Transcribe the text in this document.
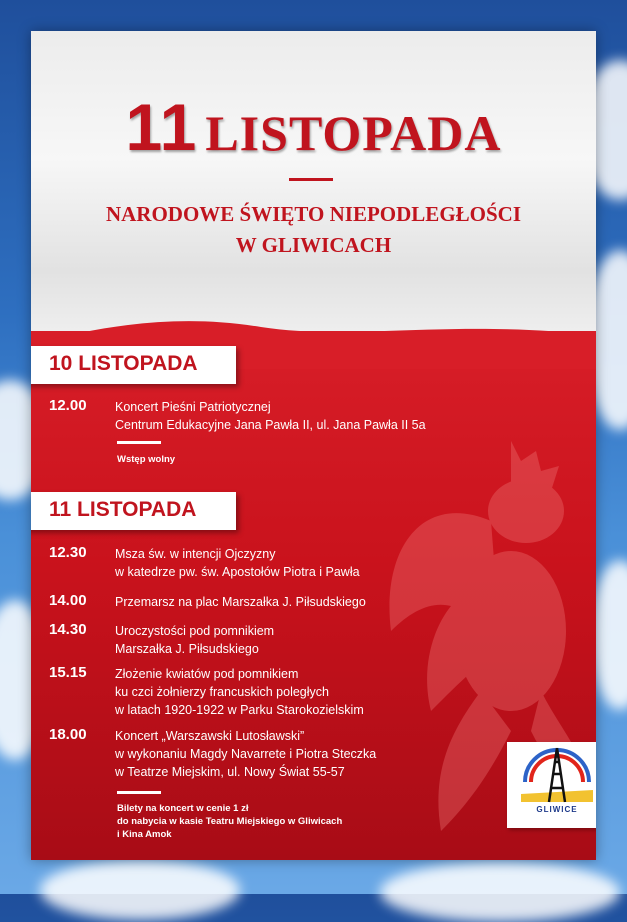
11 LISTOPADA
NARODOWE ŚWIĘTO NIEPODLEGŁOŚCI
W GLIWICACH
10 LISTOPADA
12.00 Koncert Pieśni Patriotycznej
Centrum Edukacyjne Jana Pawła II, ul. Jana Pawła II 5a
Wstęp wolny
11 LISTOPADA
12.30 Msza św. w intencji Ojczyzny
w katedrze pw. św. Apostołów Piotra i Pawła
14.00 Przemarsz na plac Marszałka J. Piłsudskiego
14.30 Uroczystości pod pomnikiem
Marszałka J. Piłsudskiego
15.15 Złożenie kwiatów pod pomnikiem
ku czci żołnierzy francuskich poległych
w latach 1920-1922 w Parku Starokozielskim
18.00 Koncert „Warszawski Lutosławski”
w wykonaniu Magdy Navarrete i Piotra Steczka
w Teatrze Miejskim, ul. Nowy Świat 55-57
Bilety na koncert w cenie 1 zł
do nabycia w kasie Teatru Miejskiego w Gliwicach
i Kina Amok
GLIWICE
